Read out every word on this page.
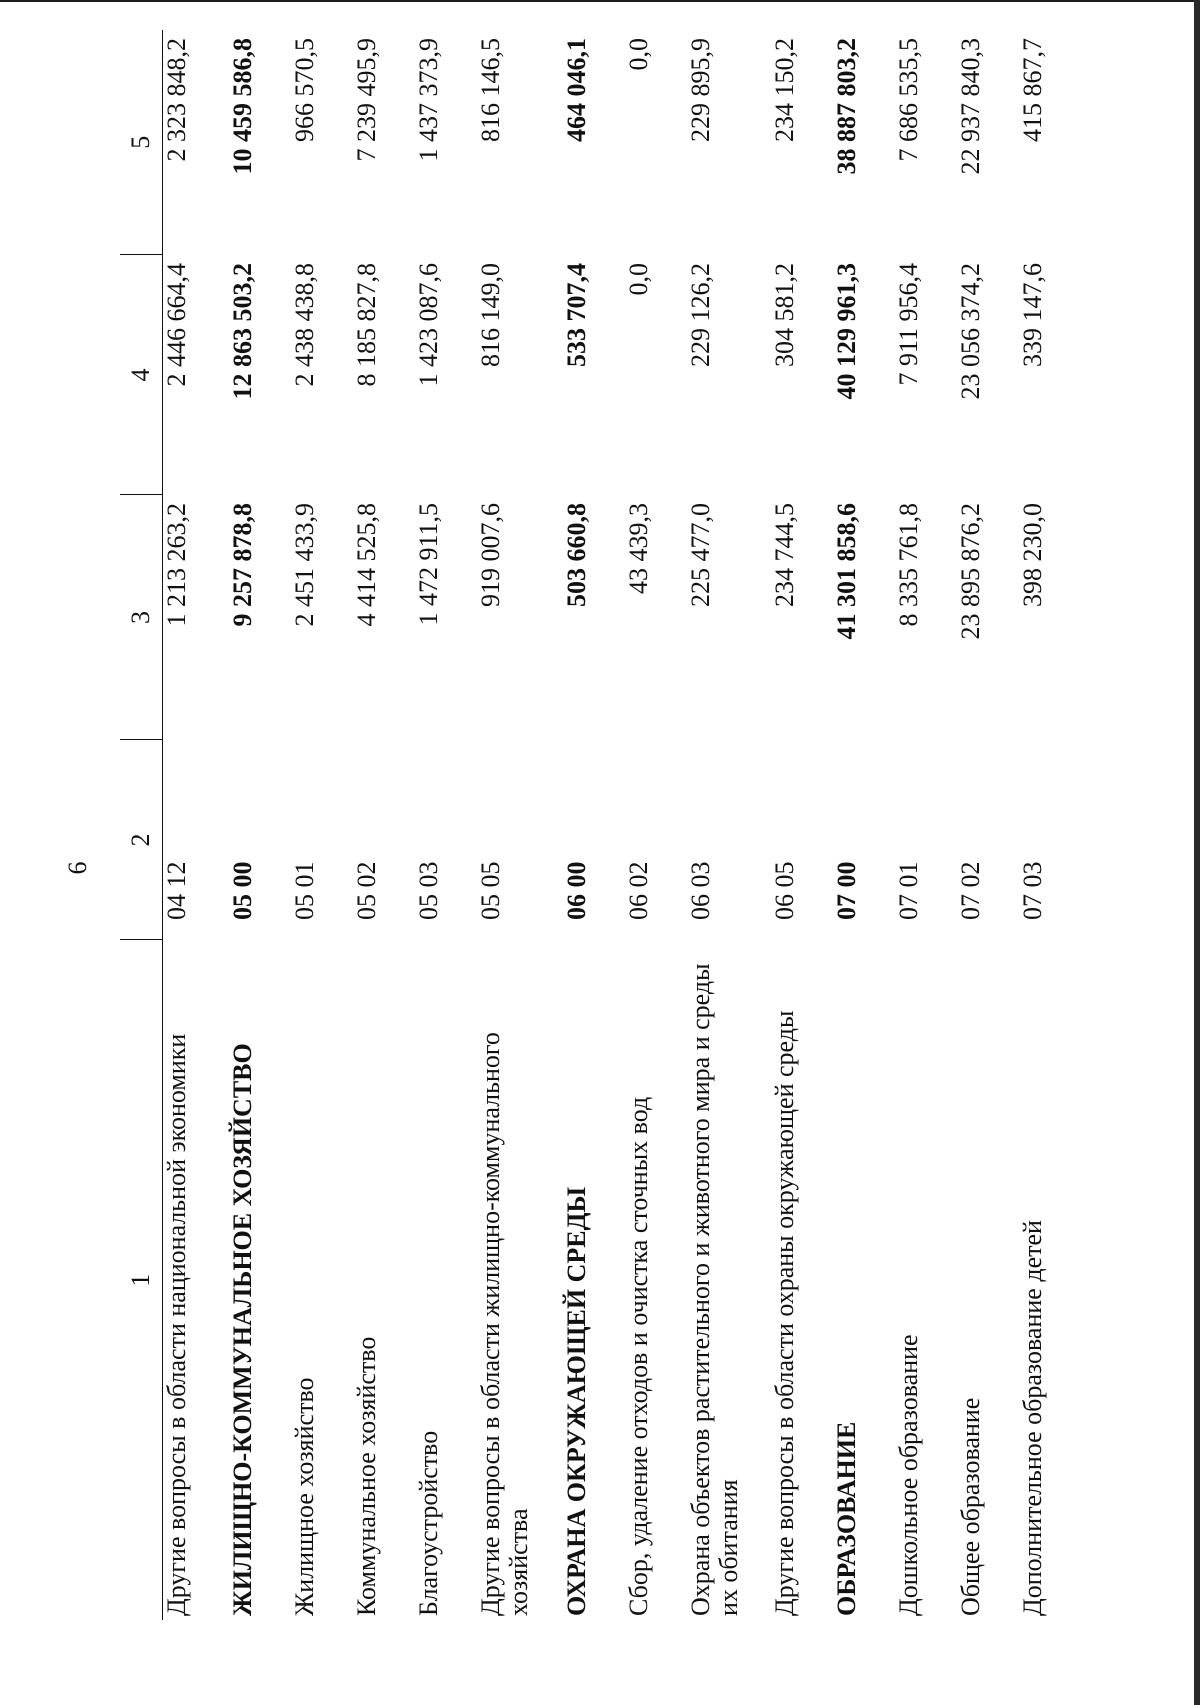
6
1	2	3	4	5
Другие вопросы в области национальной экономики	04 12	1 213 263,2	2 446 664,4	2 323 848,2
ЖИЛИЩНО-КОММУНАЛЬНОЕ ХОЗЯЙСТВО	05 00	9 257 878,8	12 863 503,2	10 459 586,8
Жилищное хозяйство	05 01	2 451 433,9	2 438 438,8	966 570,5
Коммунальное хозяйство	05 02	4 414 525,8	8 185 827,8	7 239 495,9
Благоустройство	05 03	1 472 911,5	1 423 087,6	1 437 373,9
Другие вопросы в области жилищно-коммунального хозяйства	05 05	919 007,6	816 149,0	816 146,5
ОХРАНА ОКРУЖАЮЩЕЙ СРЕДЫ	06 00	503 660,8	533 707,4	464 046,1
Сбор, удаление отходов и очистка сточных вод	06 02	43 439,3	0,0	0,0
Охрана объектов растительного и животного мира и среды их обитания	06 03	225 477,0	229 126,2	229 895,9
Другие вопросы в области охраны окружающей среды	06 05	234 744,5	304 581,2	234 150,2
ОБРАЗОВАНИЕ	07 00	41 301 858,6	40 129 961,3	38 887 803,2
Дошкольное образование	07 01	8 335 761,8	7 911 956,4	7 686 535,5
Общее образование	07 02	23 895 876,2	23 056 374,2	22 937 840,3
Дополнительное образование детей	07 03	398 230,0	339 147,6	415 867,7
